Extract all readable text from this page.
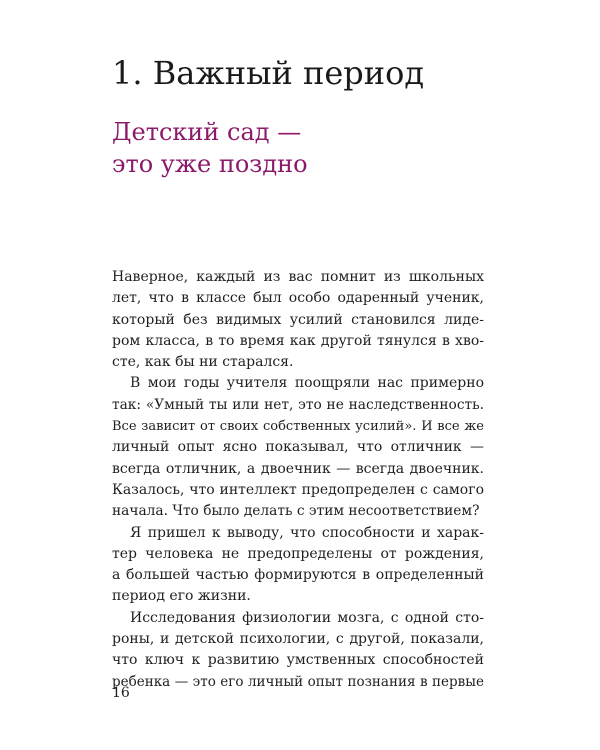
1. Важный период
Детский сад —
это уже поздно
Наверное, каждый из вас помнит из школьных
лет, что в классе был особо одаренный ученик,
который без видимых усилий становился лиде-
ром класса, в то время как другой тянулся в хво-
сте, как бы ни старался.
В мои годы учителя поощряли нас примерно
так: «Умный ты или нет, это не наследственность.
Все зависит от своих собственных усилий». И все же
личный опыт ясно показывал, что отличник —
всегда отличник, а двоечник — всегда двоечник.
Казалось, что интеллект предопределен с самого
начала. Что было делать с этим несоответствием?
Я пришел к выводу, что способности и харак-
тер человека не предопределены от рождения,
а большей частью формируются в определенный
период его жизни.
Исследования физиологии мозга, с одной сто-
роны, и детской психологии, с другой, показали,
что ключ к развитию умственных способностей
ребенка — это его личный опыт познания в первые
16
